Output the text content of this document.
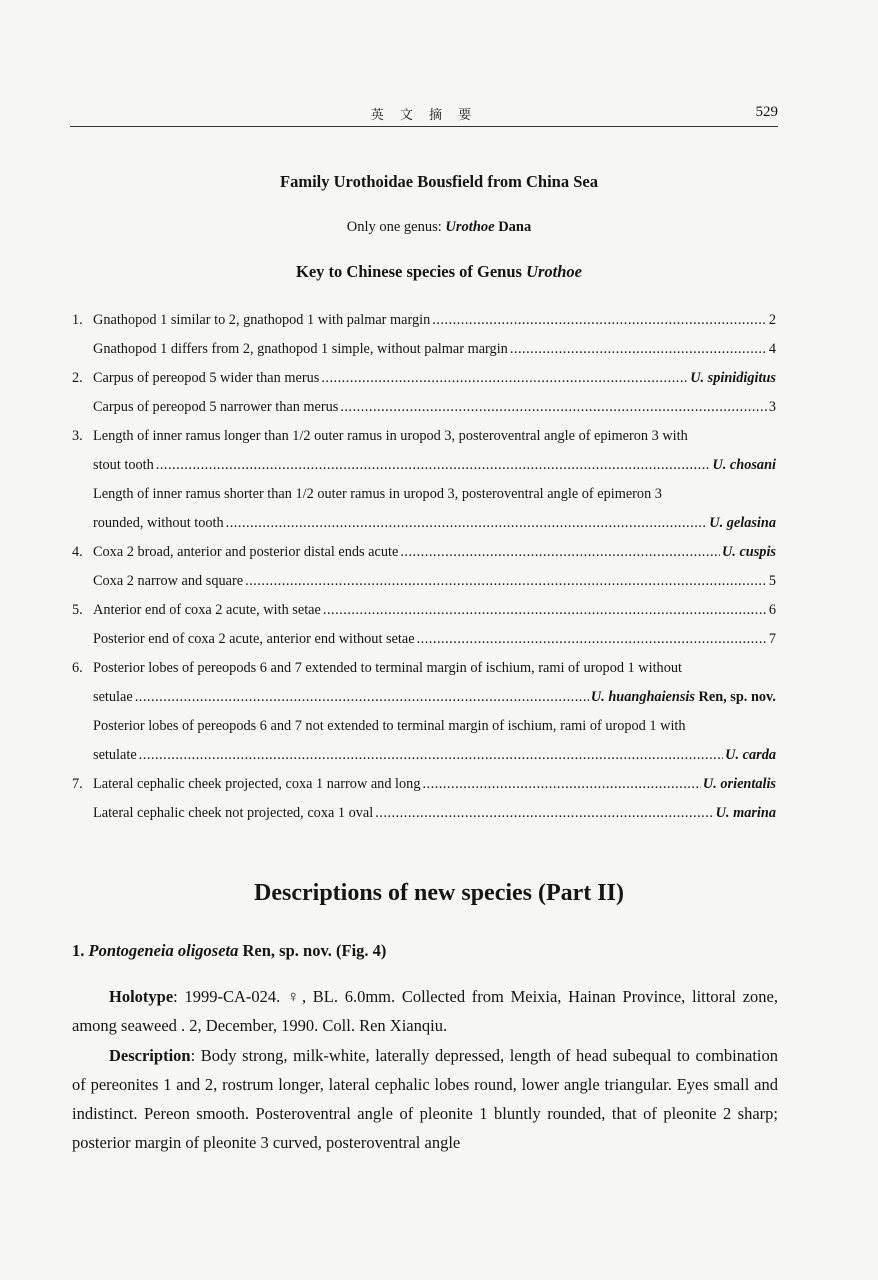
英 文 摘 要	529
Family Urothoidae Bousfield from China Sea
Only one genus: Urothoe Dana
Key to Chinese species of Genus Urothoe
1. Gnathopod 1 similar to 2, gnathopod 1 with palmar margin .....	2
Gnathopod 1 differs from 2, gnathopod 1 simple, without palmar margin .....	4
2. Carpus of pereopod 5 wider than merus .....	U. spinidigitus
Carpus of pereopod 5 narrower than merus .....	3
3. Length of inner ramus longer than 1/2 outer ramus in uropod 3, posteroventral angle of epimeron 3 with
stout tooth .....	U. chosani
Length of inner ramus shorter than 1/2 outer ramus in uropod 3, posteroventral angle of epimeron 3
rounded, without tooth .....	U. gelasina
4. Coxa 2 broad, anterior and posterior distal ends acute .....	U. cuspis
Coxa 2 narrow and square .....	5
5. Anterior end of coxa 2 acute, with setae .....	6
Posterior end of coxa 2 acute, anterior end without setae .....	7
6. Posterior lobes of pereopods 6 and 7 extended to terminal margin of ischium, rami of uropod 1 without
setulae .....	U. huanghaiensis Ren, sp. nov.
Posterior lobes of pereopods 6 and 7 not extended to terminal margin of ischium, rami of uropod 1 with
setulate .....	U. carda
7. Lateral cephalic cheek projected, coxa 1 narrow and long .....	U. orientalis
Lateral cephalic cheek not projected, coxa 1 oval .....	U. marina
Descriptions of new species (Part II)
1. Pontogeneia oligoseta Ren, sp. nov. (Fig. 4)

Holotype: 1999-CA-024. ♀, BL. 6.0mm. Collected from Meixia, Hainan Province, littoral zone, among seaweed . 2, December, 1990. Coll. Ren Xianqiu.

Description: Body strong, milk-white, laterally depressed, length of head subequal to combination of pereonites 1 and 2, rostrum longer, lateral cephalic lobes round, lower angle triangular. Eyes small and indistinct. Pereon smooth. Posteroventral angle of pleonite 1 bluntly rounded, that of pleonite 2 sharp; posterior margin of pleonite 3 curved, posteroventral angle
